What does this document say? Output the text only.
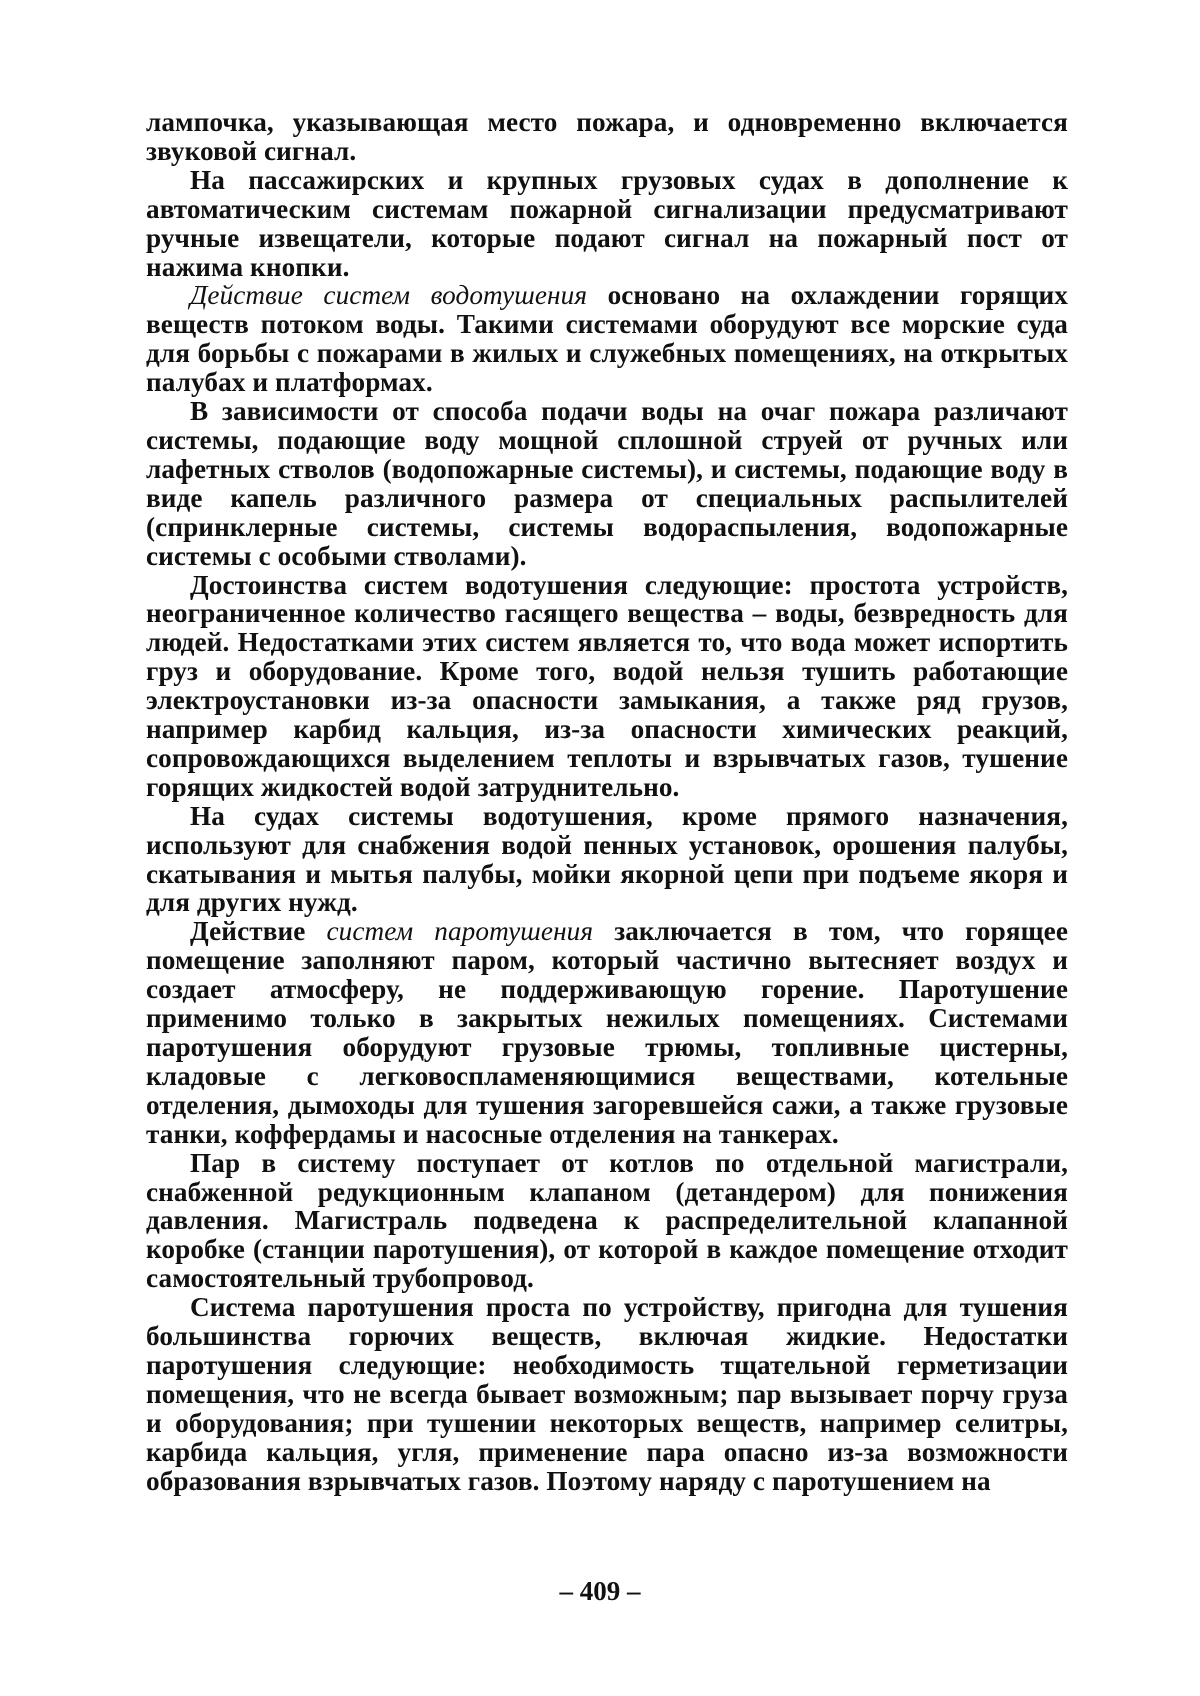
лампочка, указывающая место пожара, и одновременно включается звуковой сигнал.

На пассажирских и крупных грузовых судах в дополнение к автоматическим системам пожарной сигнализации предусматривают ручные извещатели, которые подают сигнал на пожарный пост от нажима кнопки.

Действие систем водотушения основано на охлаждении горящих веществ потоком воды. Такими системами оборудуют все морские суда для борьбы с пожарами в жилых и служебных помещениях, на открытых палубах и платформах.

В зависимости от способа подачи воды на очаг пожара различают системы, подающие воду мощной сплошной струей от ручных или лафетных стволов (водопожарные системы), и системы, подающие воду в виде капель различного размера от специальных распылителей (спринклерные системы, системы водораспыления, водопожарные системы с особыми стволами).

Достоинства систем водотушения следующие: простота устройств, неограниченное количество гасящего вещества – воды, безвредность для людей. Недостатками этих систем является то, что вода может испортить груз и оборудование. Кроме того, водой нельзя тушить работающие электроустановки из-за опасности замыкания, а также ряд грузов, например карбид кальция, из-за опасности химических реакций, сопровождающихся выделением теплоты и взрывчатых газов, тушение горящих жидкостей водой затруднительно.

На судах системы водотушения, кроме прямого назначения, используют для снабжения водой пенных установок, орошения палубы, скатывания и мытья палубы, мойки якорной цепи при подъеме якоря и для других нужд.

Действие систем паротушения заключается в том, что горящее помещение заполняют паром, который частично вытесняет воздух и создает атмосферу, не поддерживающую горение. Паротушение применимо только в закрытых нежилых помещениях. Системами паротушения оборудуют грузовые трюмы, топливные цистерны, кладовые с легковоспламеняющимися веществами, котельные отделения, дымоходы для тушения загоревшейся сажи, а также грузовые танки, коффердамы и насосные отделения на танкерах.

Пар в систему поступает от котлов по отдельной магистрали, снабженной редукционным клапаном (детандером) для понижения давления. Магистраль подведена к распределительной клапанной коробке (станции паротушения), от которой в каждое помещение отходит самостоятельный трубопровод.

Система паротушения проста по устройству, пригодна для тушения большинства горючих веществ, включая жидкие. Недостатки паротушения следующие: необходимость тщательной герметизации помещения, что не всегда бывает возможным; пар вызывает порчу груза и оборудования; при тушении некоторых веществ, например селитры, карбида кальция, угля, применение пара опасно из-за возможности образования взрывчатых газов. Поэтому наряду с паротушением на

– 409 –
